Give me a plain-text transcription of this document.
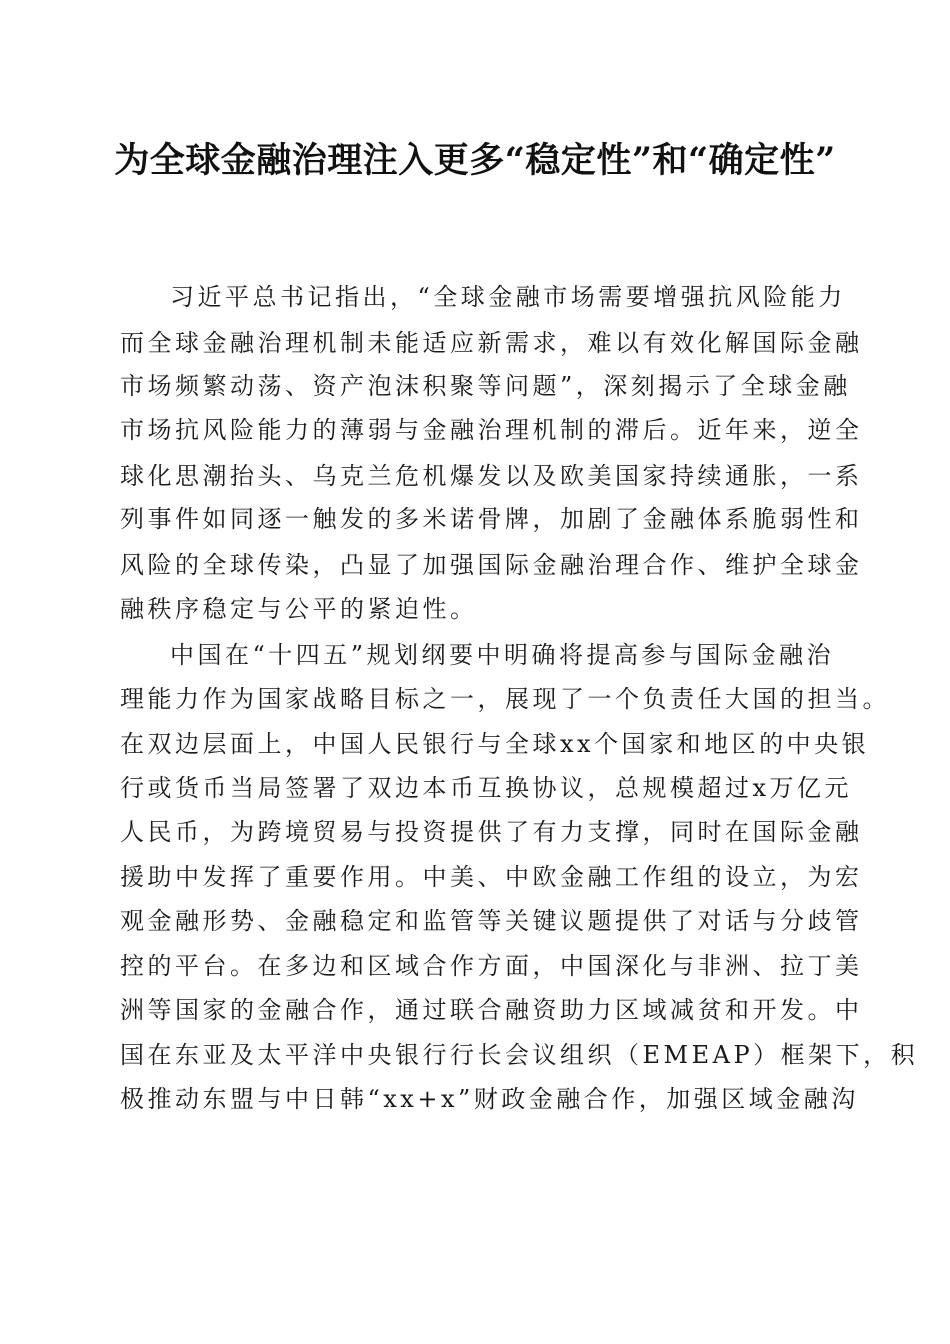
为全球金融治理注入更多“稳定性”和“确定性”
习近平总书记指出，“全球金融市场需要增强抗风险能力
而全球金融治理机制未能适应新需求，难以有效化解国际金融
市场频繁动荡、资产泡沫积聚等问题”，深刻揭示了全球金融
市场抗风险能力的薄弱与金融治理机制的滞后。近年来，逆全
球化思潮抬头、乌克兰危机爆发以及欧美国家持续通胀，一系
列事件如同逐一触发的多米诺骨牌，加剧了金融体系脆弱性和
风险的全球传染，凸显了加强国际金融治理合作、维护全球金
融秩序稳定与公平的紧迫性。
中国在“十四五”规划纲要中明确将提高参与国际金融治
理能力作为国家战略目标之一，展现了一个负责任大国的担当。
在双边层面上，中国人民银行与全球xx个国家和地区的中央银
行或货币当局签署了双边本币互换协议，总规模超过x万亿元
人民币，为跨境贸易与投资提供了有力支撑，同时在国际金融
援助中发挥了重要作用。中美、中欧金融工作组的设立，为宏
观金融形势、金融稳定和监管等关键议题提供了对话与分歧管
控的平台。在多边和区域合作方面，中国深化与非洲、拉丁美
洲等国家的金融合作，通过联合融资助力区域减贫和开发。中
国在东亚及太平洋中央银行行长会议组织（EMEAP）框架下，积
极推动东盟与中日韩“xx+x”财政金融合作，加强区域金融沟
